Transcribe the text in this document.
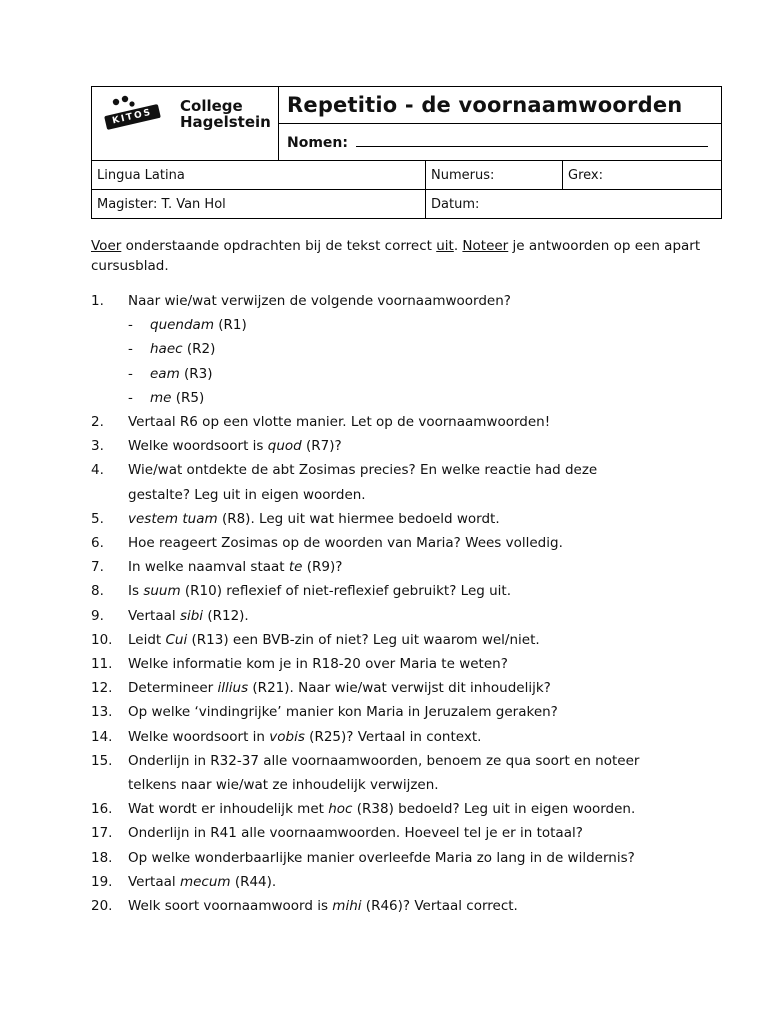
KITOS
College
Hagelstein	Repetitio - de voornaamwoorden		
	Nomen:		
Lingua Latina		Numerus:	Grex:
Magister: T. Van Hol		Datum:	
Voer onderstaande opdrachten bij de tekst correct uit. Noteer je antwoorden op een apart cursusblad.
1.	Naar wie/wat verwijzen de volgende voornaamwoorden?
-	quendam (R1)
-	haec (R2)
-	eam (R3)
-	me (R5)
2.	Vertaal R6 op een vlotte manier. Let op de voornaamwoorden!
3.	Welke woordsoort is quod (R7)?
4.	Wie/wat ontdekte de abt Zosimas precies? En welke reactie had deze
gestalte? Leg uit in eigen woorden.
5.	vestem tuam (R8). Leg uit wat hiermee bedoeld wordt.
6.	Hoe reageert Zosimas op de woorden van Maria? Wees volledig.
7.	In welke naamval staat te (R9)?
8.	Is suum (R10) reflexief of niet-reflexief gebruikt? Leg uit.
9.	Vertaal sibi (R12).
10.	Leidt Cui (R13) een BVB-zin of niet? Leg uit waarom wel/niet.
11.	Welke informatie kom je in R18-20 over Maria te weten?
12.	Determineer illius (R21). Naar wie/wat verwijst dit inhoudelijk?
13.	Op welke ‘vindingrijke’ manier kon Maria in Jeruzalem geraken?
14.	Welke woordsoort in vobis (R25)? Vertaal in context.
15.	Onderlijn in R32-37 alle voornaamwoorden, benoem ze qua soort en noteer
telkens naar wie/wat ze inhoudelijk verwijzen.
16.	Wat wordt er inhoudelijk met hoc (R38) bedoeld? Leg uit in eigen woorden.
17.	Onderlijn in R41 alle voornaamwoorden. Hoeveel tel je er in totaal?
18.	Op welke wonderbaarlijke manier overleefde Maria zo lang in de wildernis?
19.	Vertaal mecum (R44).
20.	Welk soort voornaamwoord is mihi (R46)? Vertaal correct.
